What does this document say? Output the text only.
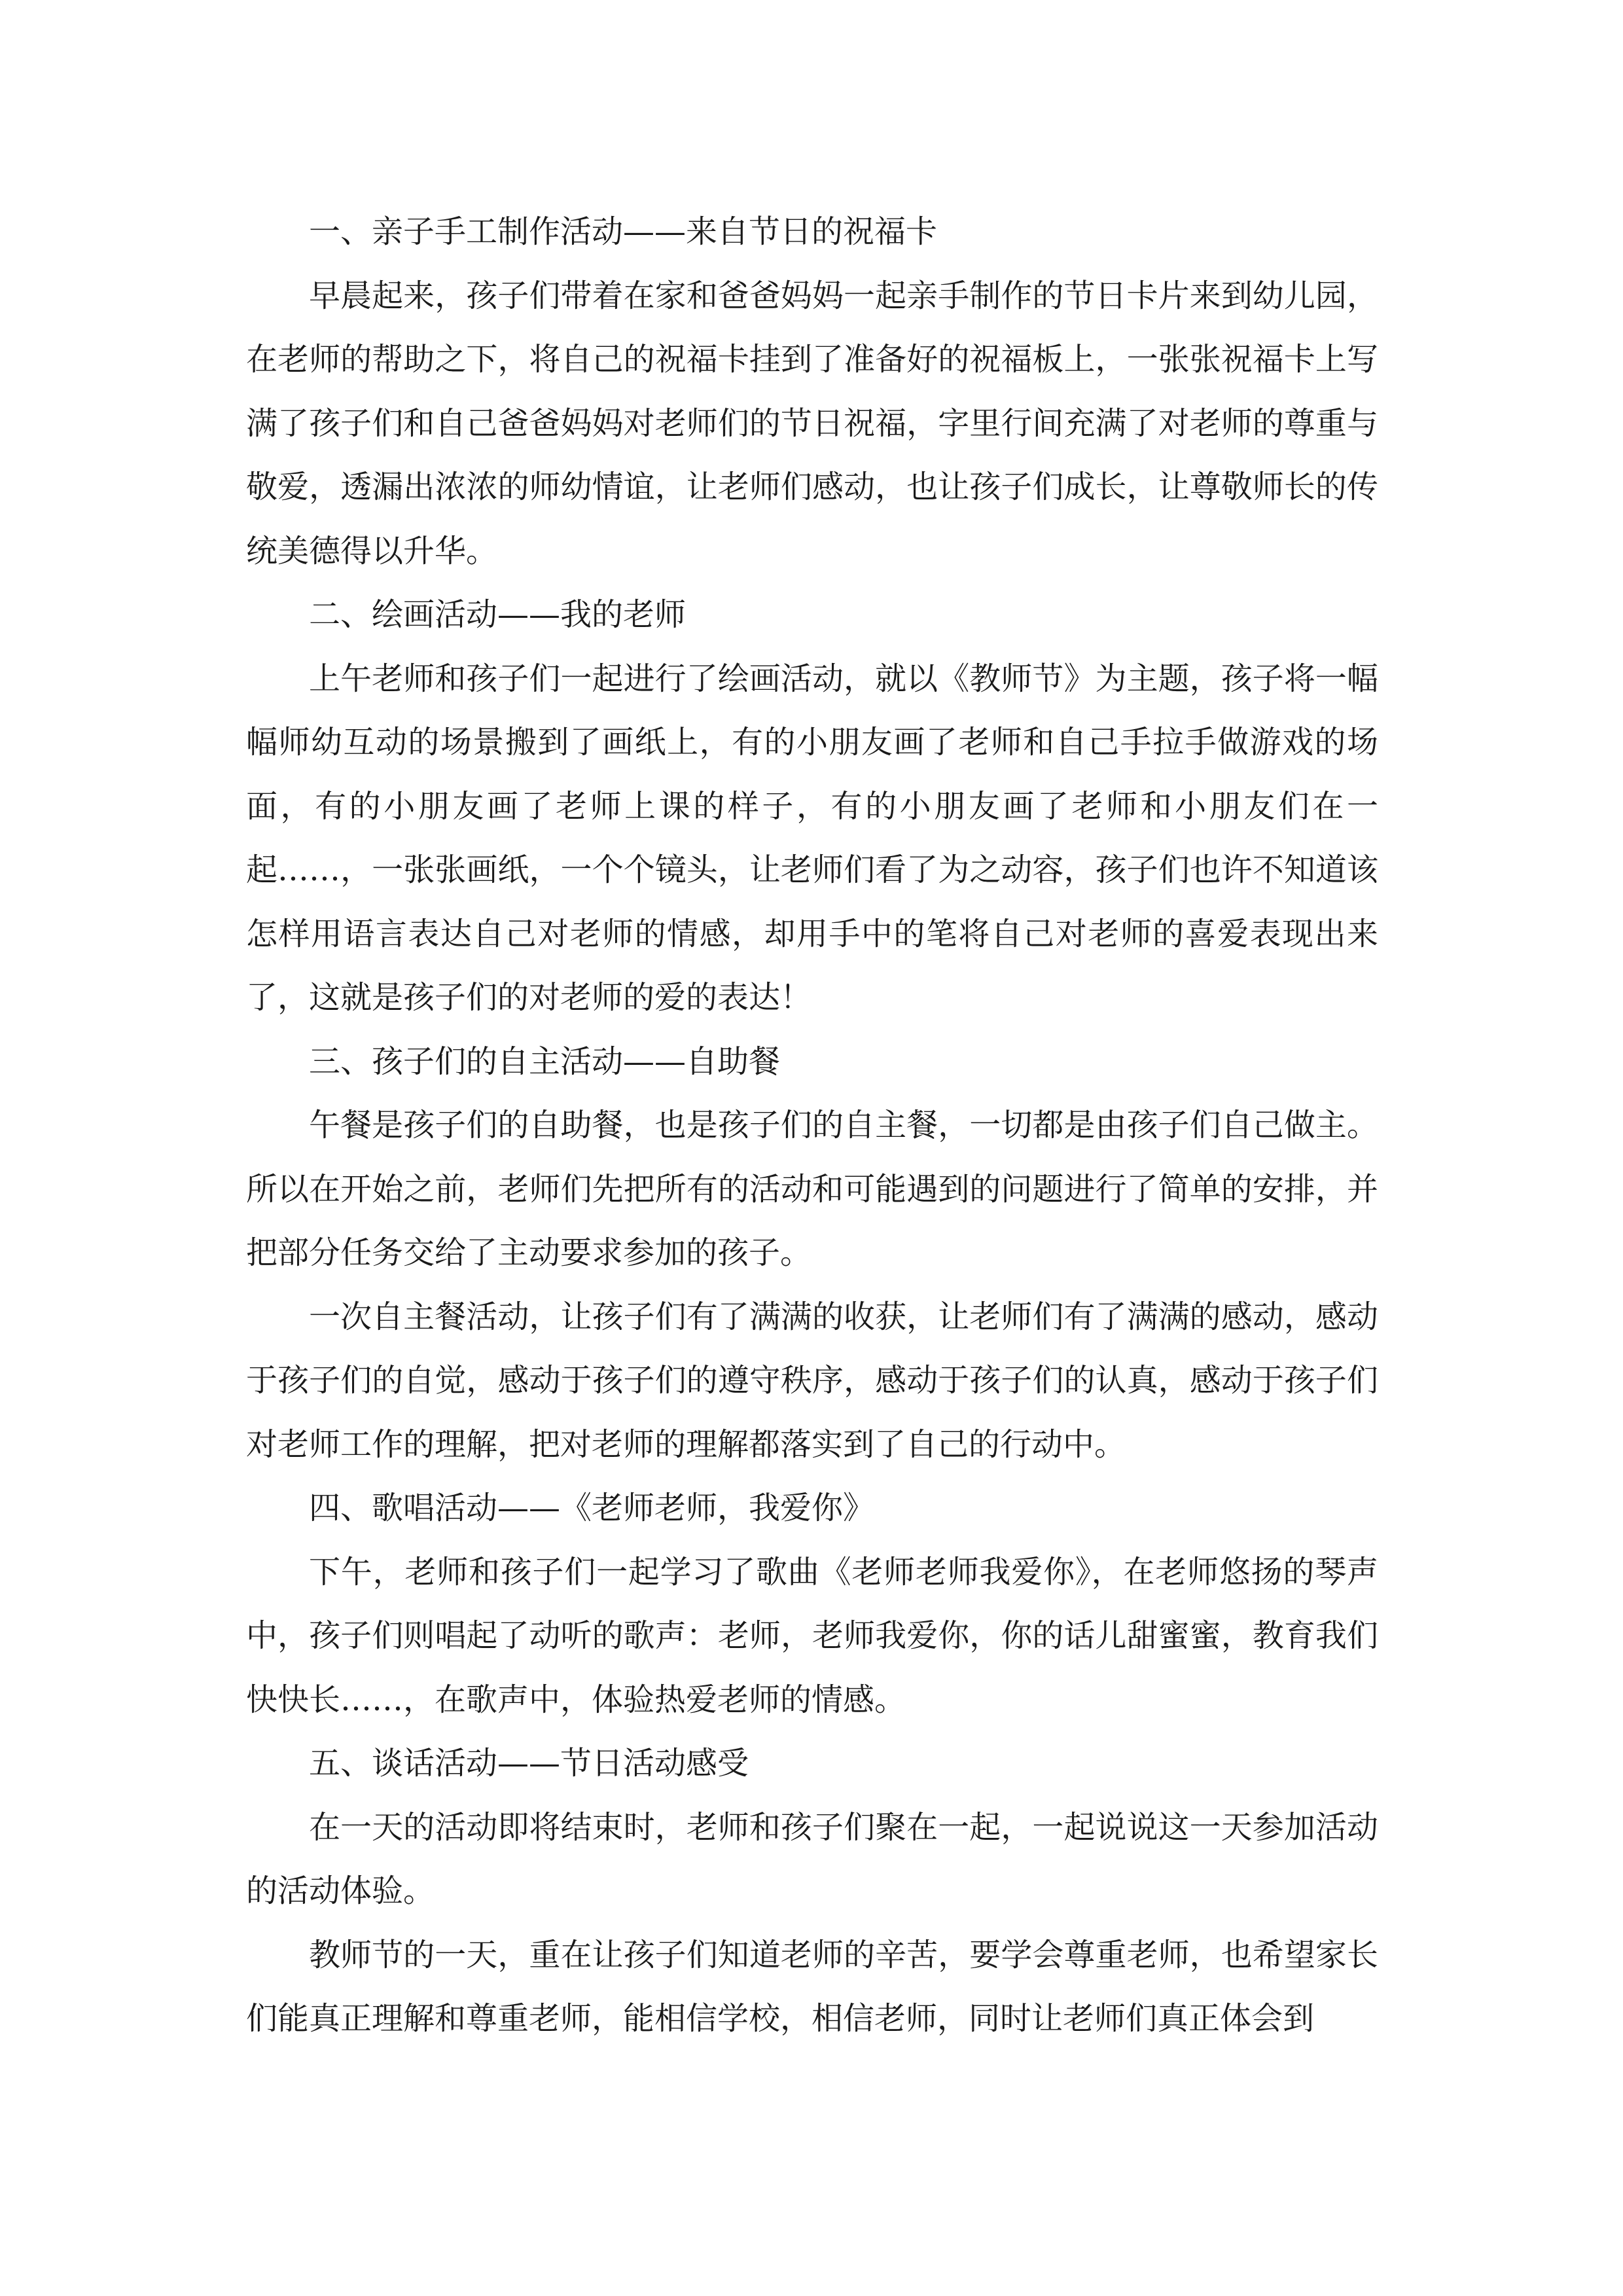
一、亲子手工制作活动——来自节日的祝福卡

早晨起来，孩子们带着在家和爸爸妈妈一起亲手制作的节日卡片来到幼儿园，在老师的帮助之下，将自己的祝福卡挂到了准备好的祝福板上，一张张祝福卡上写满了孩子们和自己爸爸妈妈对老师们的节日祝福，字里行间充满了对老师的尊重与敬爱，透漏出浓浓的师幼情谊，让老师们感动，也让孩子们成长，让尊敬师长的传统美德得以升华。

二、绘画活动——我的老师

上午老师和孩子们一起进行了绘画活动，就以《教师节》为主题，孩子将一幅幅师幼互动的场景搬到了画纸上，有的小朋友画了老师和自己手拉手做游戏的场面，有的小朋友画了老师上课的样子，有的小朋友画了老师和小朋友们在一起……，一张张画纸，一个个镜头，让老师们看了为之动容，孩子们也许不知道该怎样用语言表达自己对老师的情感，却用手中的笔将自己对老师的喜爱表现出来了，这就是孩子们的对老师的爱的表达！

三、孩子们的自主活动——自助餐

午餐是孩子们的自助餐，也是孩子们的自主餐，一切都是由孩子们自己做主。所以在开始之前，老师们先把所有的活动和可能遇到的问题进行了简单的安排，并把部分任务交给了主动要求参加的孩子。

一次自主餐活动，让孩子们有了满满的收获，让老师们有了满满的感动，感动于孩子们的自觉，感动于孩子们的遵守秩序，感动于孩子们的认真，感动于孩子们对老师工作的理解，把对老师的理解都落实到了自己的行动中。

四、歌唱活动——《老师老师，我爱你》

下午，老师和孩子们一起学习了歌曲《老师老师我爱你》，在老师悠扬的琴声中，孩子们则唱起了动听的歌声：老师，老师我爱你，你的话儿甜蜜蜜，教育我们快快长……，在歌声中，体验热爱老师的情感。

五、谈话活动——节日活动感受

在一天的活动即将结束时，老师和孩子们聚在一起，一起说说这一天参加活动的活动体验。

教师节的一天，重在让孩子们知道老师的辛苦，要学会尊重老师，也希望家长们能真正理解和尊重老师，能相信学校，相信老师，同时让老师们真正体会到
